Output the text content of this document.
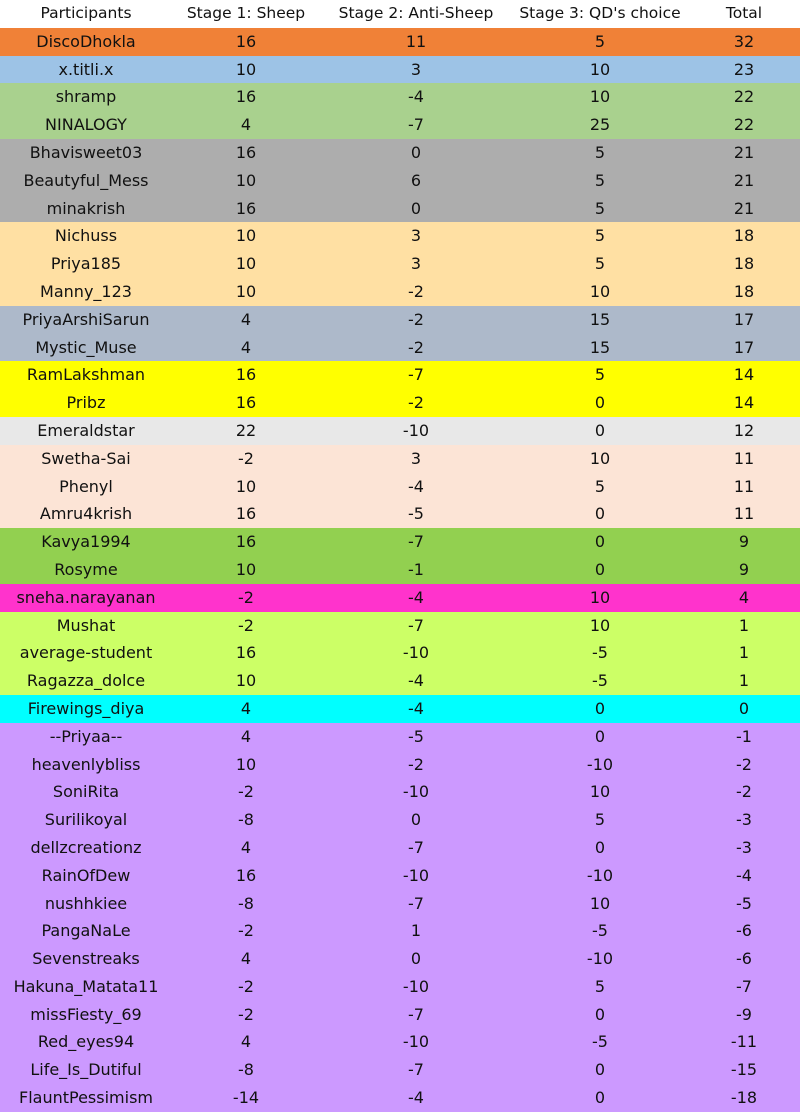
Participants	Stage 1: Sheep	Stage 2: Anti-Sheep	Stage 3: QD's choice	Total
DiscoDhokla	16	11	5	32
x.titli.x	10	3	10	23
shramp	16	-4	10	22
NINALOGY	4	-7	25	22
Bhavisweet03	16	0	5	21
Beautyful_Mess	10	6	5	21
minakrish	16	0	5	21
Nichuss	10	3	5	18
Priya185	10	3	5	18
Manny_123	10	-2	10	18
PriyaArshiSarun	4	-2	15	17
Mystic_Muse	4	-2	15	17
RamLakshman	16	-7	5	14
Pribz	16	-2	0	14
Emeraldstar	22	-10	0	12
Swetha-Sai	-2	3	10	11
Phenyl	10	-4	5	11
Amru4krish	16	-5	0	11
Kavya1994	16	-7	0	9
Rosyme	10	-1	0	9
sneha.narayanan	-2	-4	10	4
Mushat	-2	-7	10	1
average-student	16	-10	-5	1
Ragazza_dolce	10	-4	-5	1
Firewings_diya	4	-4	0	0
--Priyaa--	4	-5	0	-1
heavenlybliss	10	-2	-10	-2
SoniRita	-2	-10	10	-2
Surilikoyal	-8	0	5	-3
dellzcreationz	4	-7	0	-3
RainOfDew	16	-10	-10	-4
nushhkiee	-8	-7	10	-5
PangaNaLe	-2	1	-5	-6
Sevenstreaks	4	0	-10	-6
Hakuna_Matata11	-2	-10	5	-7
missFiesty_69	-2	-7	0	-9
Red_eyes94	4	-10	-5	-11
Life_Is_Dutiful	-8	-7	0	-15
FlauntPessimism	-14	-4	0	-18
